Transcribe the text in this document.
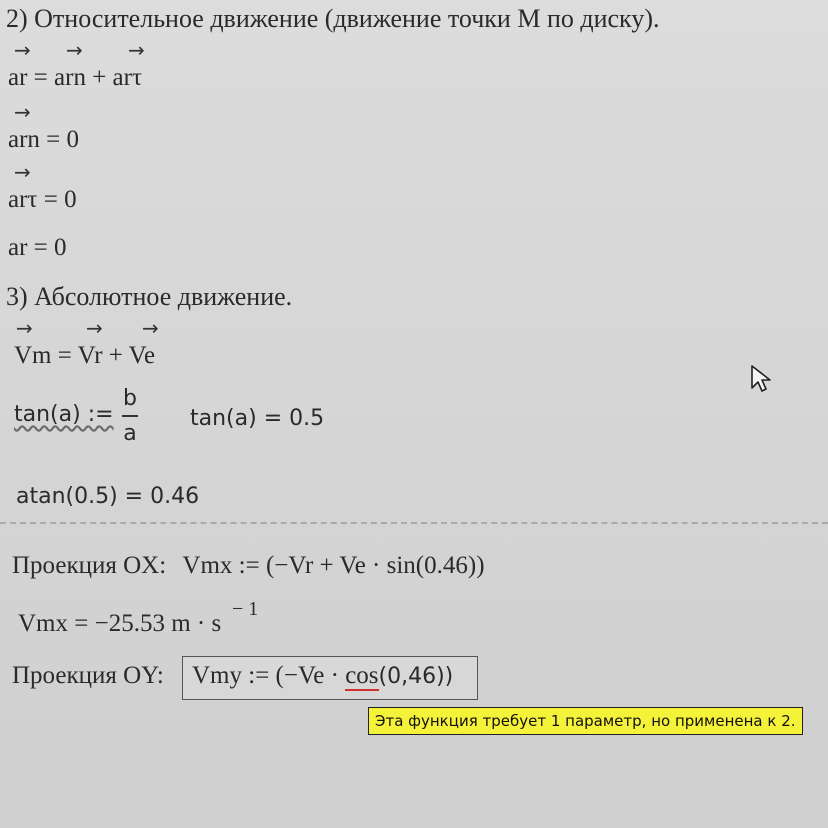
2) Относительное движение (движение точки M по диску).
→ → →
ar = arn + arτ
→
arn = 0
→
arτ = 0
ar = 0
3) Абсолютное движение.
→	→ →
Vm = Vr + Ve
tan(a) :=
b
a
tan(a) = 0.5
atan(0.5) = 0.46
Проекция OX: Vmx := (−Vr + Ve · sin(0.46))
Vmx = −25.53 m · s
− 1
Проекция OY: Vmy := (−Ve · cos(0,46))
Эта функция требует 1 параметр, но применена к 2.
